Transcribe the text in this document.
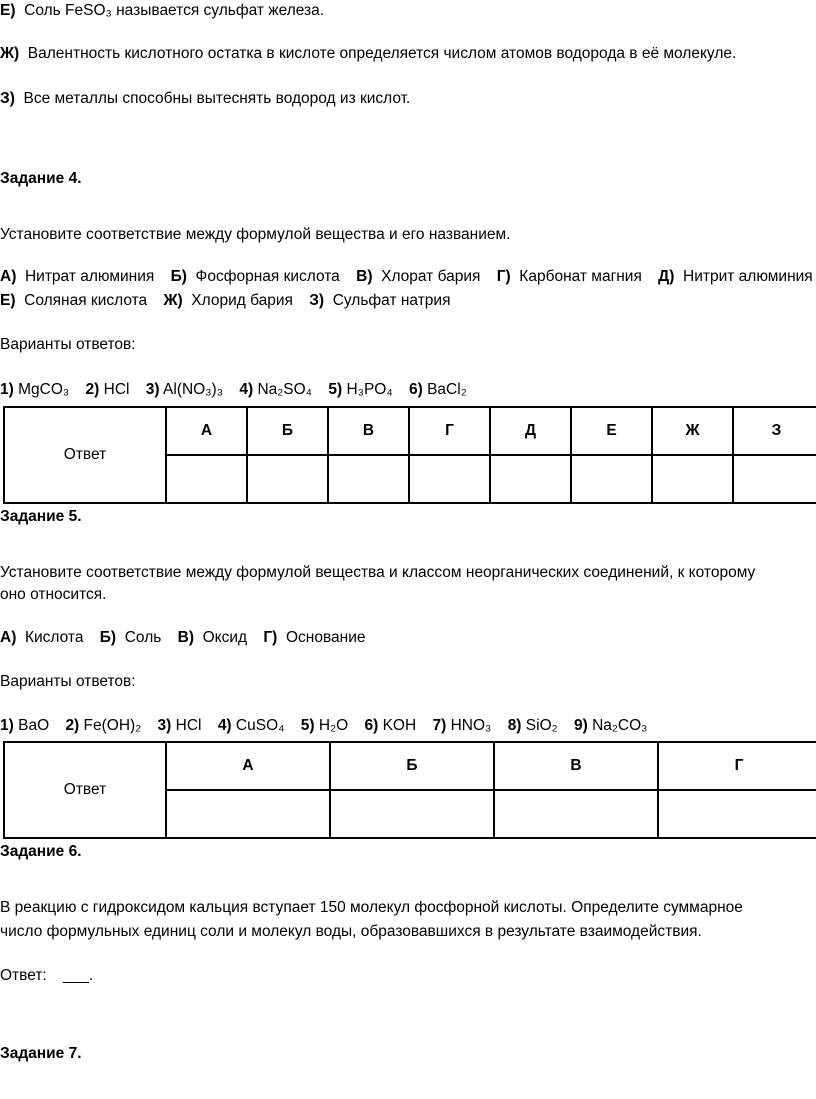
Е) Соль FeSO₃ называется сульфат железа.
Ж) Валентность кислотного остатка в кислоте определяется числом атомов водорода в её молекуле.
З) Все металлы способны вытеснять водород из кислот.
Задание 4.
Установите соответствие между формулой вещества и его названием.
А) Нитрат алюминия Б) Фосфорная кислота В) Хлорат бария Г) Карбонат магния Д) Нитрит алюминия
Е) Соляная кислота Ж) Хлорид бария З) Сульфат натрия
Варианты ответов:
1) MgCO₃ 2) HCl 3) Al(NO₃)₃ 4) Na₂SO₄ 5) H₃PO₄ 6) BaCl₂
Ответ	А	Б	В	Г	Д	Е	Ж	З

Задание 5.
Установите соответствие между формулой вещества и классом неорганических соединений, к которому
оно относится.
А) Кислота Б) Соль В) Оксид Г) Основание
Варианты ответов:
1) BaO 2) Fe(OH)₂ 3) HCl 4) CuSO₄ 5) H₂O 6) KOH 7) HNO₃ 8) SiO₂ 9) Na₂CO₃
Ответ	А	Б	В	Г

Задание 6.
В реакцию с гидроксидом кальция вступает 150 молекул фосфорной кислоты. Определите суммарное
число формульных единиц соли и молекул воды, образовавшихся в результате взаимодействия.
Ответ: ___.
Задание 7.
